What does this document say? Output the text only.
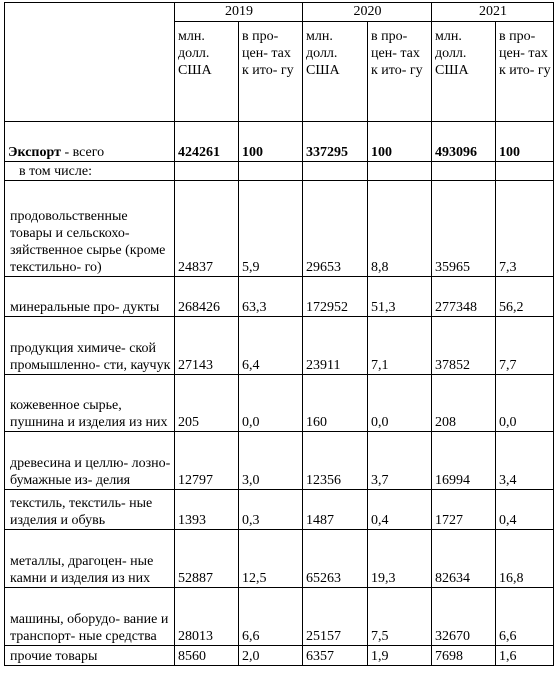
	2019		2020		2021	
	млн. долл. США	в про- цен- тах к ито- гу	млн. долл. США	в про- цен- тах к ито- гу	млн. долл. США	в про- цен- тах к ито- гу
Экспорт - всего	424261	100	337295	100	493096	100
в том числе:						
продовольственные товары и сельскохо- зяйственное сырье (кроме текстильно- го)	24837	5,9	29653	8,8	35965	7,3
минеральные про- дукты	268426	63,3	172952	51,3	277348	56,2
продукция химиче- ской промышленно- сти, каучук	27143	6,4	23911	7,1	37852	7,7
кожевенное сырье, пушнина и изделия из них	205	0,0	160	0,0	208	0,0
древесина и целлю- лозно-бумажные из- делия	12797	3,0	12356	3,7	16994	3,4
текстиль, текстиль- ные изделия и обувь	1393	0,3	1487	0,4	1727	0,4
металлы, драгоцен- ные камни и изделия из них	52887	12,5	65263	19,3	82634	16,8
машины, оборудо- вание и транспорт- ные средства	28013	6,6	25157	7,5	32670	6,6
прочие товары	8560	2,0	6357	1,9	7698	1,6
